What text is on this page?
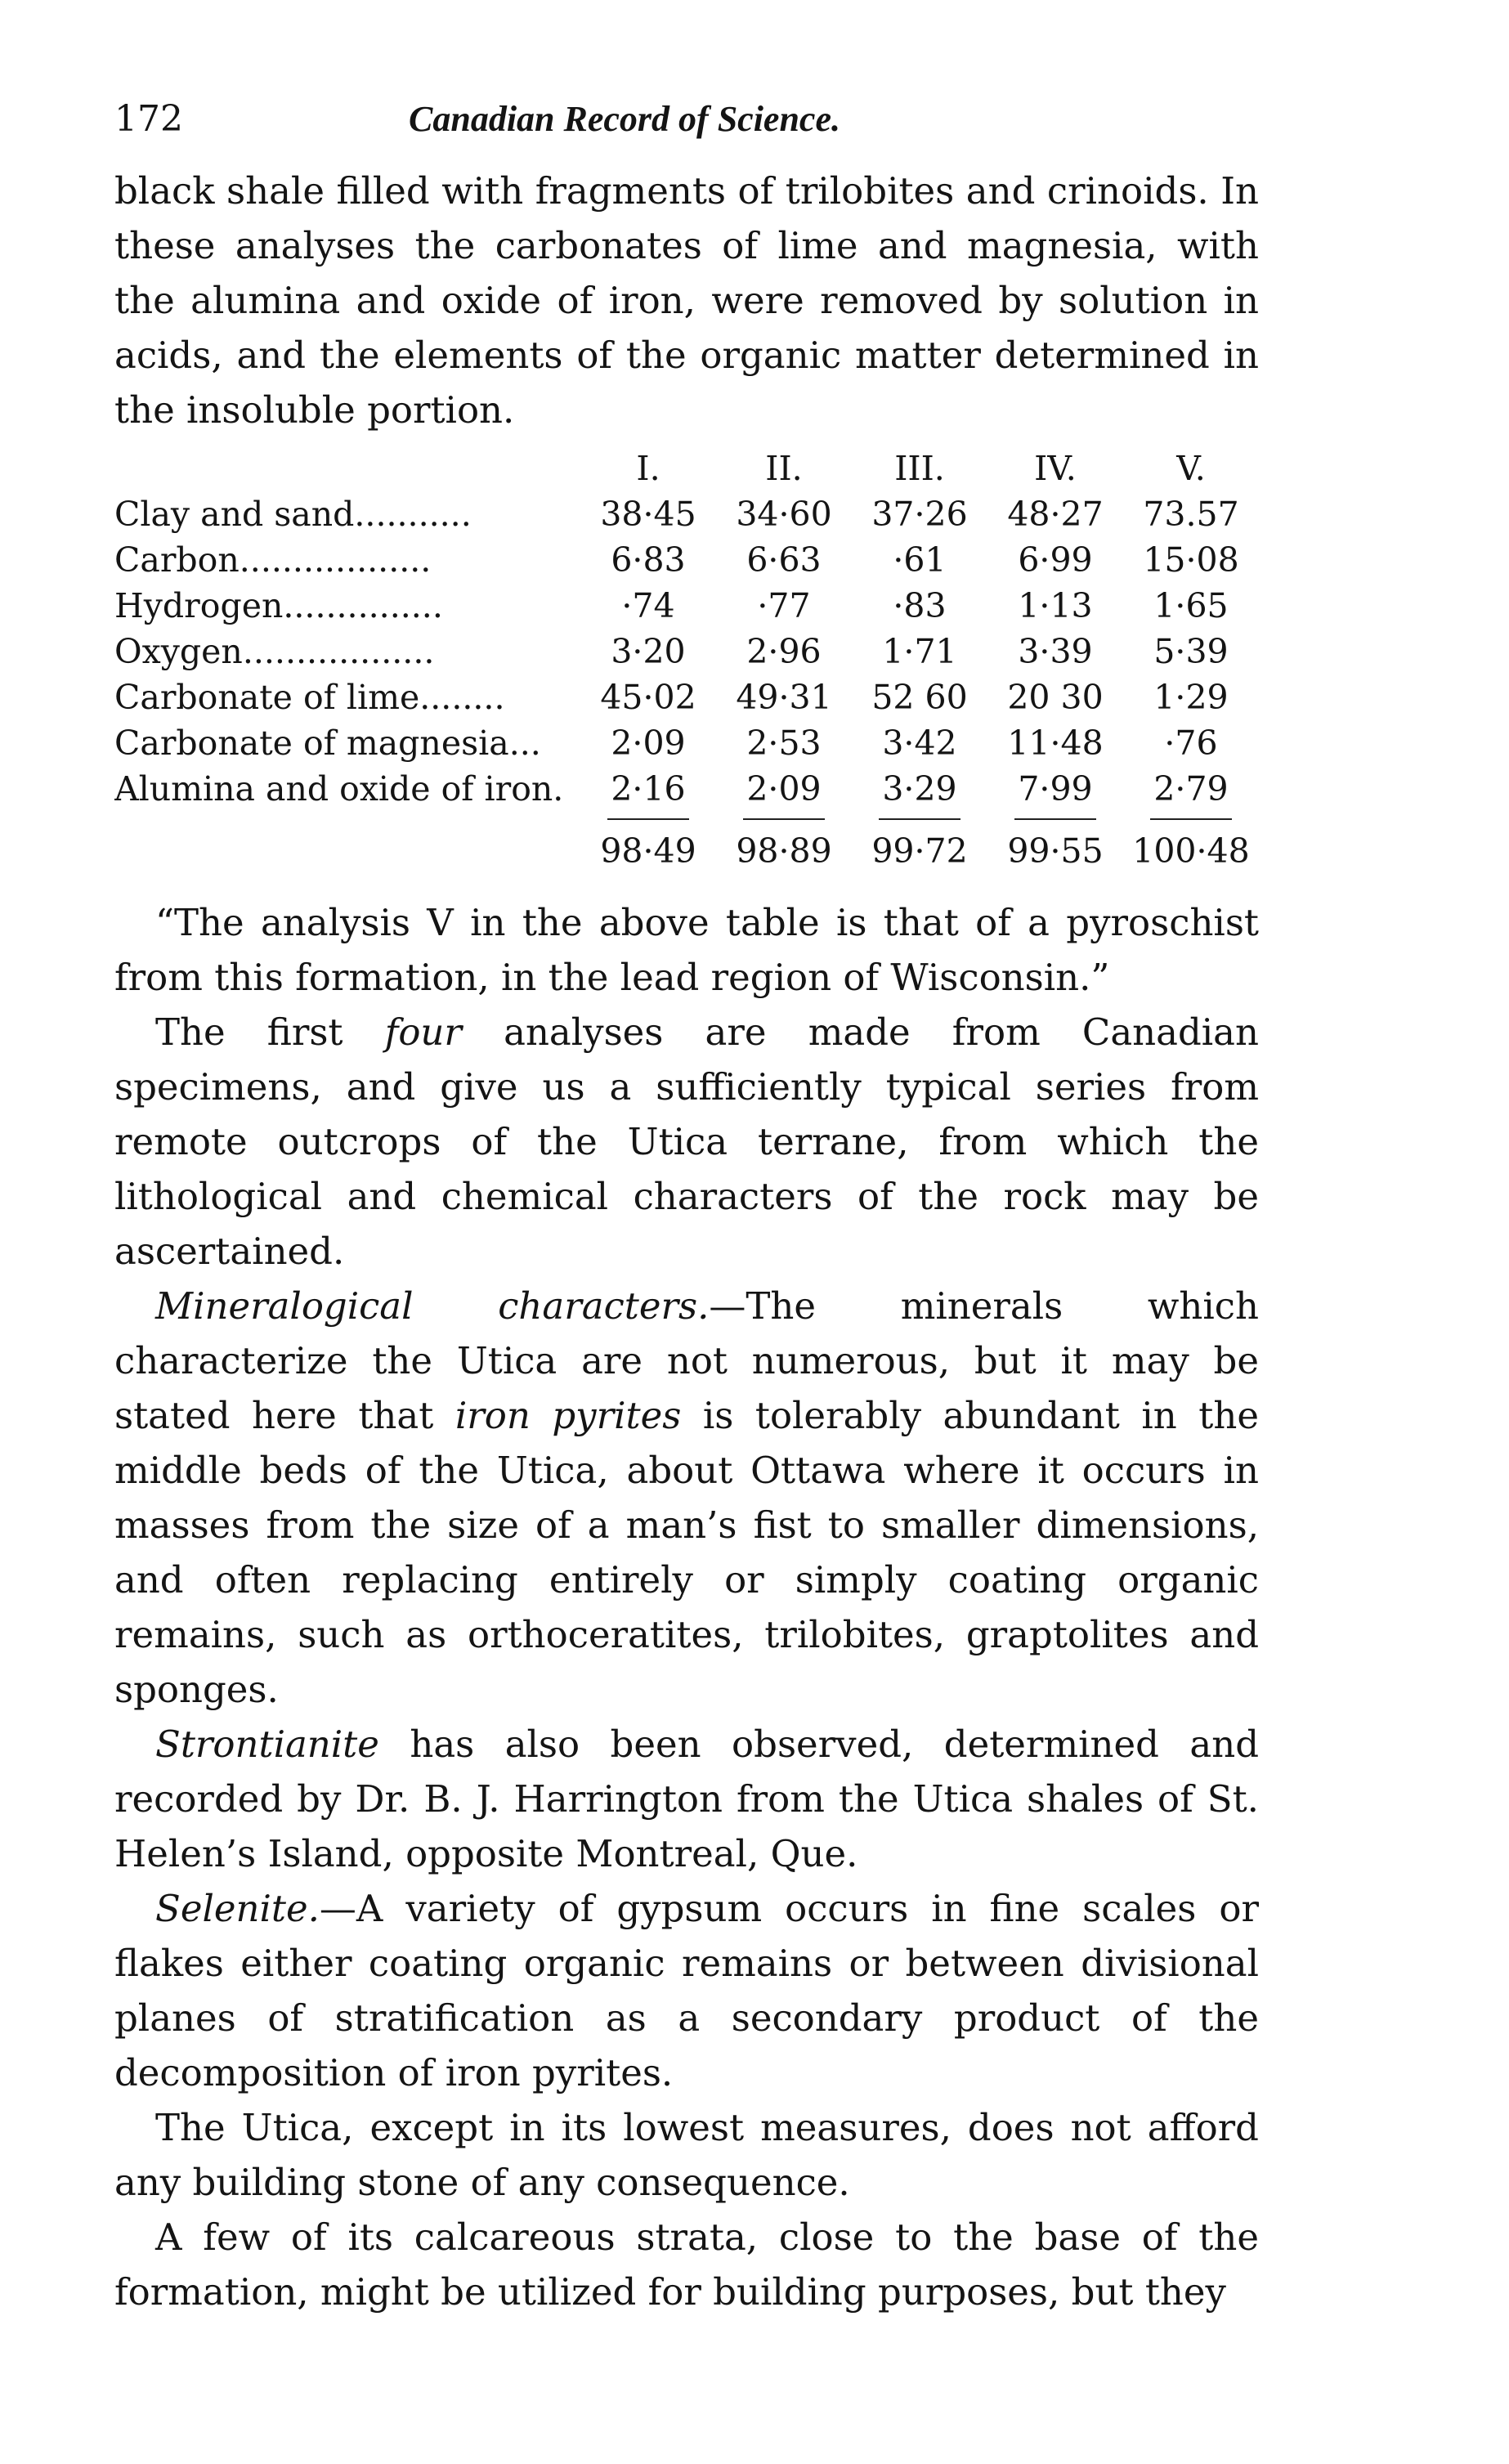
172	Canadian Record of Science.

black shale filled with fragments of trilobites and crinoids. In these analyses the carbonates of lime and magnesia, with the alumina and oxide of iron, were removed by solution in acids, and the elements of the organic matter determined in the insoluble portion.

I.	II.	III.	IV.	V.
Clay and sand...........	38·45	34·60	37·26	48·27	73.57
Carbon..................	6·83	6·63	·61	6·99	15·08
Hydrogen...............	·74	·77	·83	1·13	1·65
Oxygen..................	3·20	2·96	1·71	3·39	5·39
Carbonate of lime........	45·02	49·31	52 60	20 30	1·29
Carbonate of magnesia...	2·09	2·53	3·42	11·48	·76
Alumina and oxide of iron.	2·16	2·09	3·29	7·99	2·79
98·49	98·89	99·72	99·55 100·48

“The analysis V in the above table is that of a pyroschist from this formation, in the lead region of Wisconsin.”

The first four analyses are made from Canadian specimens, and give us a sufficiently typical series from remote outcrops of the Utica terrane, from which the lithological and chemical characters of the rock may be ascertained.

Mineralogical characters.—The minerals which characterize the Utica are not numerous, but it may be stated here that iron pyrites is tolerably abundant in the middle beds of the Utica, about Ottawa where it occurs in masses from the size of a man’s fist to smaller dimensions, and often replacing entirely or simply coating organic remains, such as orthoceratites, trilobites, graptolites and sponges.

Strontianite has also been observed, determined and recorded by Dr. B. J. Harrington from the Utica shales of St. Helen’s Island, opposite Montreal, Que.

Selenite.—A variety of gypsum occurs in fine scales or flakes either coating organic remains or between divisional planes of stratification as a secondary product of the decomposition of iron pyrites.

The Utica, except in its lowest measures, does not afford any building stone of any consequence.

A few of its calcareous strata, close to the base of the formation, might be utilized for building purposes, but they
